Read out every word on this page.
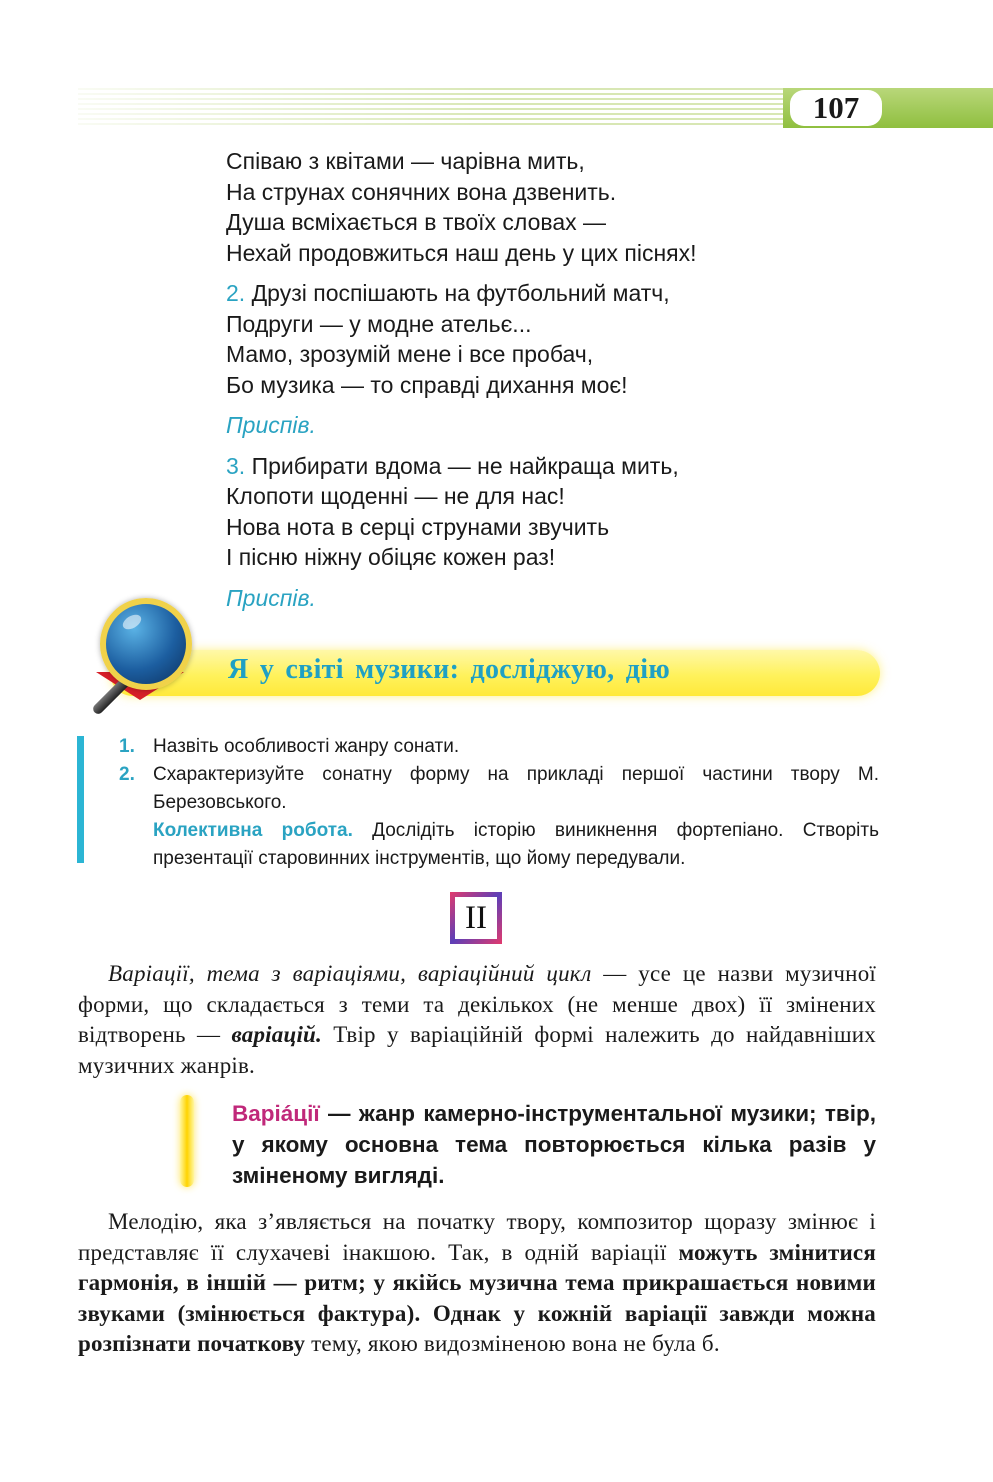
107
Співаю з квітами — чарівна мить,
На струнах сонячних вона дзвенить.
Душа всміхається в твоїх словах —
Нехай продовжиться наш день у цих піснях!
2. Друзі поспішають на футбольний матч,
Подруги — у модне ательє...
Мамо, зрозумій мене і все пробач,
Бо музика — то справді дихання моє!
Приспів.
3. Прибирати вдома — не найкраща мить,
Клопоти щоденні — не для нас!
Нова нота в серці струнами звучить
І пісню ніжну обіцяє кожен раз!
Приспів.
Я у світі музики: досліджую, дію
1. Назвіть особливості жанру сонати.
2. Схарактеризуйте сонатну форму на прикладі першої частини твору М. Березовського.
Колективна робота. Дослідіть історію виникнення фортепіано. Створіть презентації старовинних інструментів, що йому передували.
II
Варіації, тема з варіаціями, варіаційний цикл — усе це назви музичної форми, що складається з теми та декількох (не менше двох) її змінених відтворень — варіацій. Твір у варіаційній формі належить до найдавніших музичних жанрів.
Варіáції — жанр камерно-інструментальної музики; твір, у якому основна тема повторюється кілька разів у зміненому вигляді.
Мелодію, яка з’являється на початку твору, композитор щоразу змінює і представляє її слухачеві інакшою. Так, в одній варіації можуть змінитися гармонія, в іншій — ритм; у якійсь музична тема прикрашається новими звуками (змінюється фактура). Однак у кожній варіації завжди можна розпізнати початкову тему, якою видозміненою вона не була б.
